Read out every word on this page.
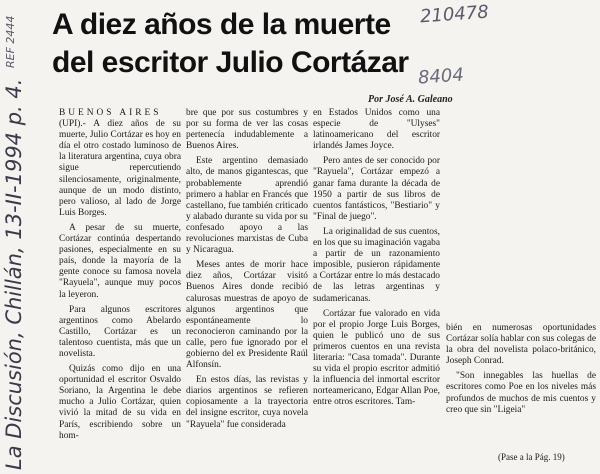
A diez años de la muerte
del escritor Julio Cortázar
Por José A. Galeano
210478
8404
REF 2444
La Discusión, Chillán, 13-II-1994 p. 4.	BUENOS AIRES

(UPI).- A diez años de su muerte, Julio Cortázar es hoy en día el otro costado luminoso de la literatura argentina, cuya obra sigue repercutiendo silenciosamente, originalmente, aunque de un modo distinto, pero valioso, al lado de Jorge Luis Borges.

A pesar de su muerte, Cortázar continúa despertando pasiones, especialmente en su país, donde la mayoría de la gente conoce su famosa novela "Rayuela", aunque muy pocos la leyeron.

Para algunos escritores argentinos como Abelardo Castillo, Cortázar es un talentoso cuentista, más que un novelista.

Quizás como dijo en una oportunidad el escritor Osvaldo Soriano, la Argentina le debe mucho a Julio Cortázar, quien vivió la mitad de su vida en París, escribiendo sobre un hom-

bre que por sus costumbres y por su forma de ver las cosas pertenecía indudablemente a Buenos Aires.

Este argentino demasiado alto, de manos gigantescas, que probablemente aprendió primero a hablar en Francés que castellano, fue también criticado y alabado durante su vida por su confesado apoyo a las revoluciones marxistas de Cuba y Nicaragua.

Meses antes de morir hace diez años, Cortázar visitó Buenos Aires donde recibió calurosas muestras de apoyo de algunos argentinos que espontáneamente lo reconocieron caminando por la calle, pero fue ignorado por el gobierno del ex Presidente Raúl Alfonsín.

En estos días, las revistas y diarios argentinos se refieren copiosamente a la trayectoria del insigne escritor, cuya novela "Rayuela" fue considerada

en Estados Unidos como una especie de "Ulyses" latinoamericano del escritor irlandés James Joyce.

Pero antes de ser conocido por "Rayuela", Cortázar empezó a ganar fama durante la década de 1950 a partir de sus libros de cuentos fantásticos, "Bestiario" y "Final de juego".

La originalidad de sus cuentos, en los que su imaginación vagaba a partir de un razonamiento imposible, pusieron rápidamente a Cortázar entre lo más destacado de las letras argentinas y sudamericanas.

Cortázar fue valorado en vida por el propio Jorge Luis Borges, quien le publicó uno de sus primeros cuentos en una revista literaria: "Casa tomada". Durante su vida el propio escritor admitió la influencia del inmortal escritor norteamericano, Edgar Allan Poe, entre otros escritores. Tam-

bién en numerosas oportunidades Cortázar solía hablar con sus colegas de la obra del novelista polaco-británico, Joseph Conrad.

"Son innegables las huellas de escritores como Poe en los niveles más profundos de muchos de mis cuentos y creo que sin "Ligeia"

(Pase a la Pág. 19)
